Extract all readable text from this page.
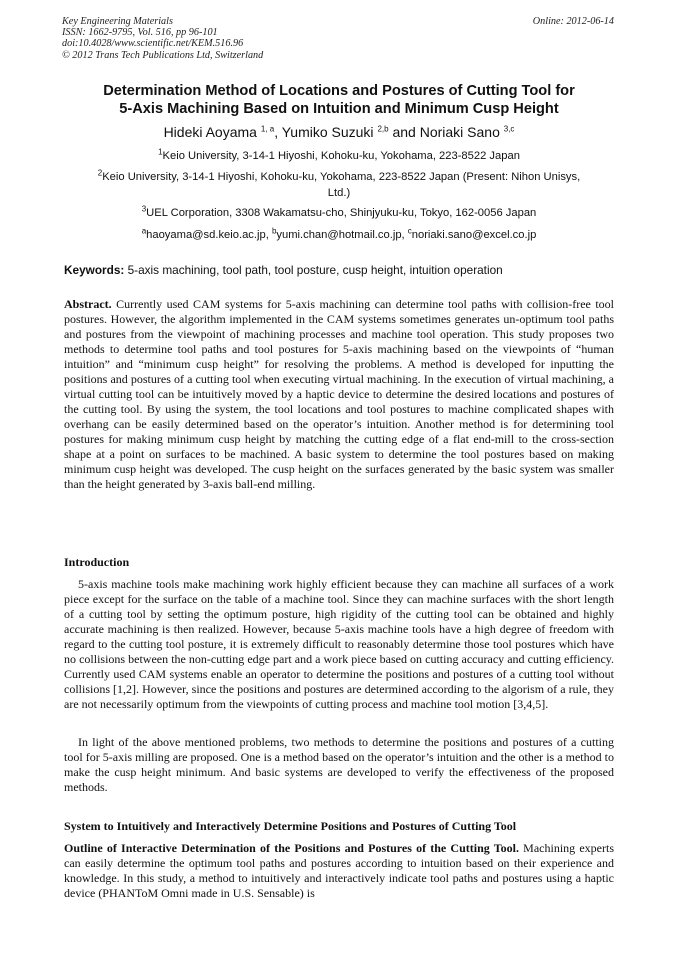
Key Engineering Materials
ISSN: 1662-9795, Vol. 516, pp 96-101
doi:10.4028/www.scientific.net/KEM.516.96
© 2012 Trans Tech Publications Ltd, Switzerland
Online: 2012-06-14
Determination Method of Locations and Postures of Cutting Tool for
5-Axis Machining Based on Intuition and Minimum Cusp Height
Hideki Aoyama $^{1, a}$, Yumiko Suzuki $^{2,b}$ and Noriaki Sano $^{3,c}$
$^1$Keio University, 3-14-1 Hiyoshi, Kohoku-ku, Yokohama, 223-8522 Japan
$^2$Keio University, 3-14-1 Hiyoshi, Kohoku-ku, Yokohama, 223-8522 Japan (Present: Nihon Unisys,
Ltd.)
$^3$UEL Corporation, 3308 Wakamatsu-cho, Shinjyuku-ku, Tokyo, 162-0056 Japan
$^a$haoyama@sd.keio.ac.jp, $^b$yumi.chan@hotmail.co.jp, $^c$noriaki.sano@excel.co.jp
Keywords: 5-axis machining, tool path, tool posture, cusp height, intuition operation
Abstract. Currently used CAM systems for 5-axis machining can determine tool paths with collision-free tool postures. However, the algorithm implemented in the CAM systems sometimes generates un-optimum tool paths and postures from the viewpoint of machining processes and machine tool operation. This study proposes two methods to determine tool paths and tool postures for 5-axis machining based on the viewpoints of “human intuition” and “minimum cusp height” for resolving the problems. A method is developed for inputting the positions and postures of a cutting tool when executing virtual machining. In the execution of virtual machining, a virtual cutting tool can be intuitively moved by a haptic device to determine the desired locations and postures of the cutting tool. By using the system, the tool locations and tool postures to machine complicated shapes with overhang can be easily determined based on the operator’s intuition. Another method is for determining tool postures for making minimum cusp height by matching the cutting edge of a flat end-mill to the cross-section shape at a point on surfaces to be machined. A basic system to determine the tool postures based on making minimum cusp height was developed. The cusp height on the surfaces generated by the basic system was smaller than the height generated by 3-axis ball-end milling.
Introduction
5-axis machine tools make machining work highly efficient because they can machine all surfaces of a work piece except for the surface on the table of a machine tool. Since they can machine surfaces with the short length of a cutting tool by setting the optimum posture, high rigidity of the cutting tool can be obtained and highly accurate machining is then realized. However, because 5-axis machine tools have a high degree of freedom with regard to the cutting tool posture, it is extremely difficult to reasonably determine those tool postures which have no collisions between the non-cutting edge part and a work piece based on cutting accuracy and cutting efficiency. Currently used CAM systems enable an operator to determine the positions and postures of a cutting tool without collisions [1,2]. However, since the positions and postures are determined according to the algorism of a rule, they are not necessarily optimum from the viewpoints of cutting process and machine tool motion [3,4,5].
In light of the above mentioned problems, two methods to determine the positions and postures of a cutting tool for 5-axis milling are proposed. One is a method based on the operator’s intuition and the other is a method to make the cusp height minimum. And basic systems are developed to verify the effectiveness of the proposed methods.
System to Intuitively and Interactively Determine Positions and Postures of Cutting Tool
Outline of Interactive Determination of the Positions and Postures of the Cutting Tool. Machining experts can easily determine the optimum tool paths and postures according to intuition based on their experience and knowledge. In this study, a method to intuitively and interactively indicate tool paths and postures using a haptic device (PHANToM Omni made in U.S. Sensable) is
